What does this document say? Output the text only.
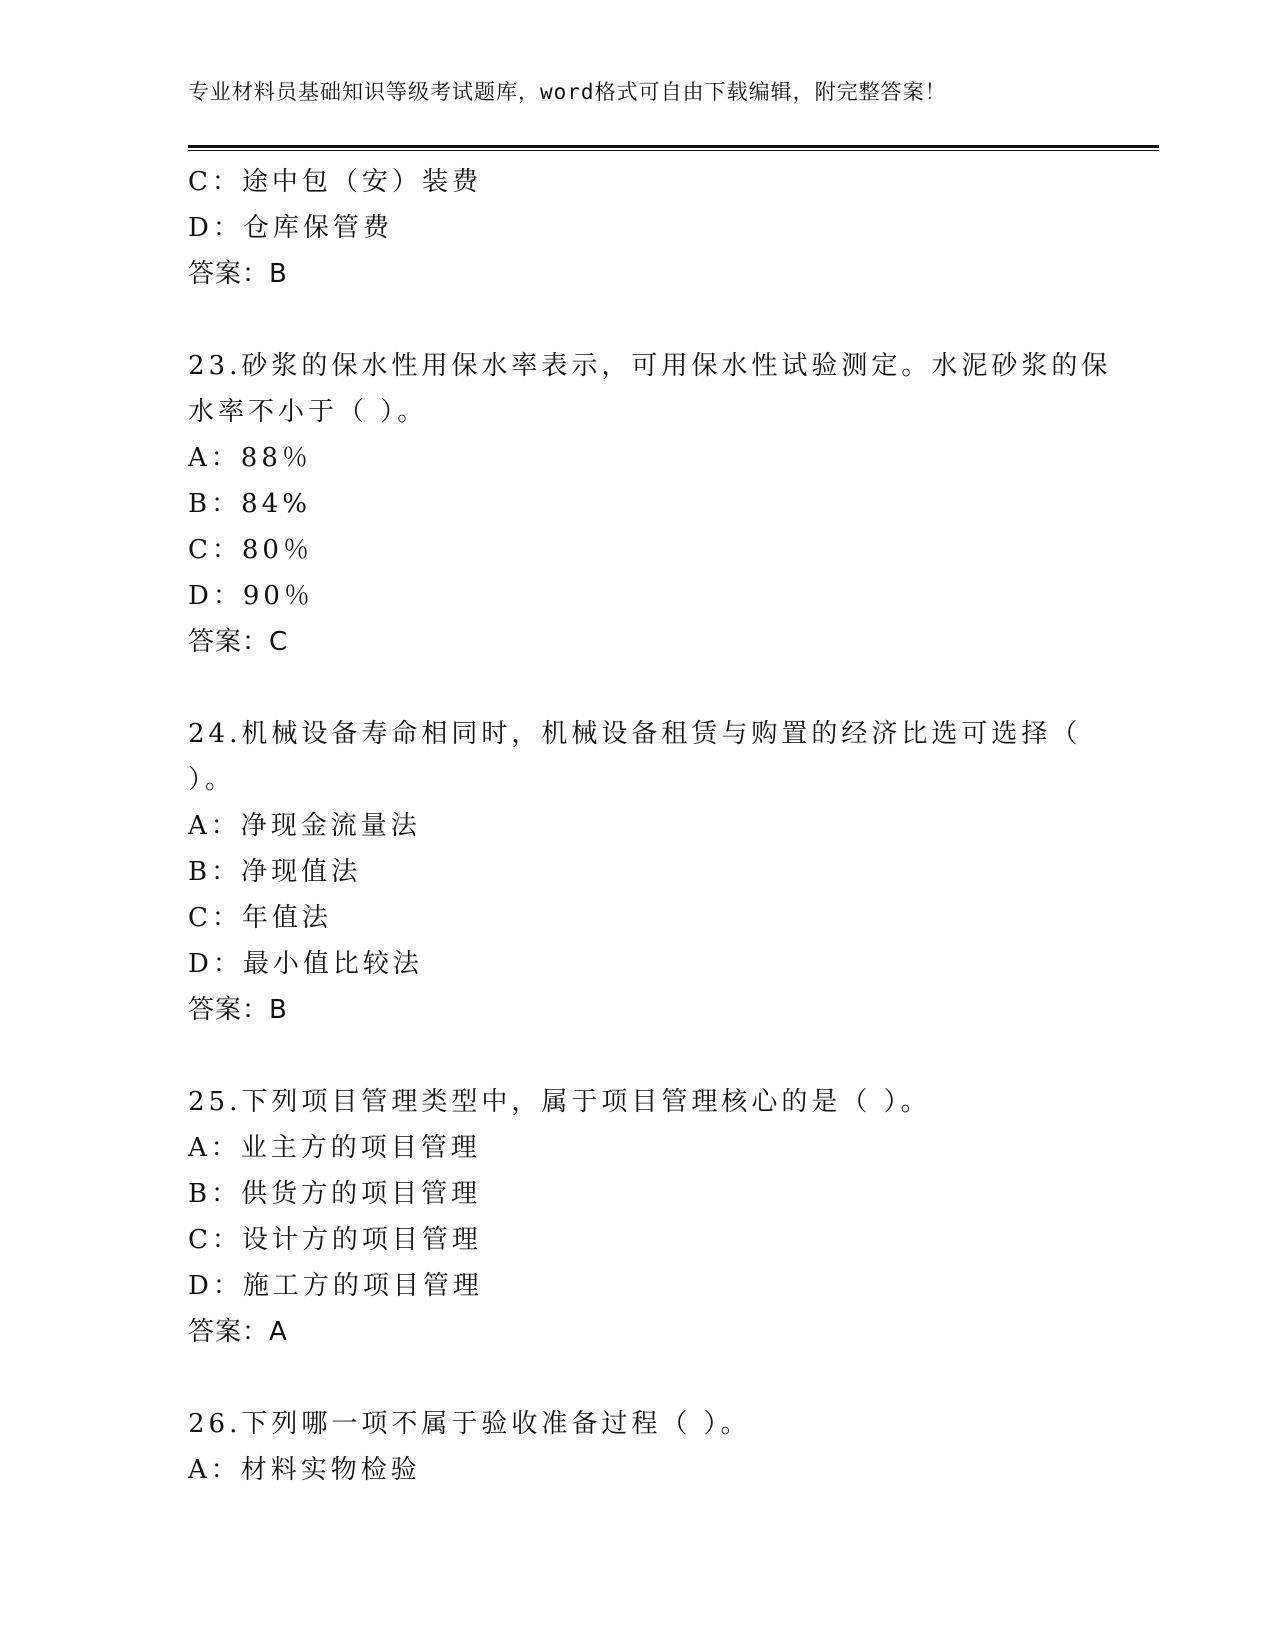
专业材料员基础知识等级考试题库，word格式可自由下载编辑，附完整答案！
C：途中包（安）装费
D：仓库保管费
答案：B
23.砂浆的保水性用保水率表示，可用保水性试验测定。水泥砂浆的保
水率不小于（ ）。
A：88％
B：84%
C：80％
D：90％
答案：C
24.机械设备寿命相同时，机械设备租赁与购置的经济比选可选择（
）。
A：净现金流量法
B：净现值法
C：年值法
D：最小值比较法
答案：B
25.下列项目管理类型中，属于项目管理核心的是（ ）。
A：业主方的项目管理
B：供货方的项目管理
C：设计方的项目管理
D：施工方的项目管理
答案：A
26.下列哪一项不属于验收准备过程（ ）。
A：材料实物检验
